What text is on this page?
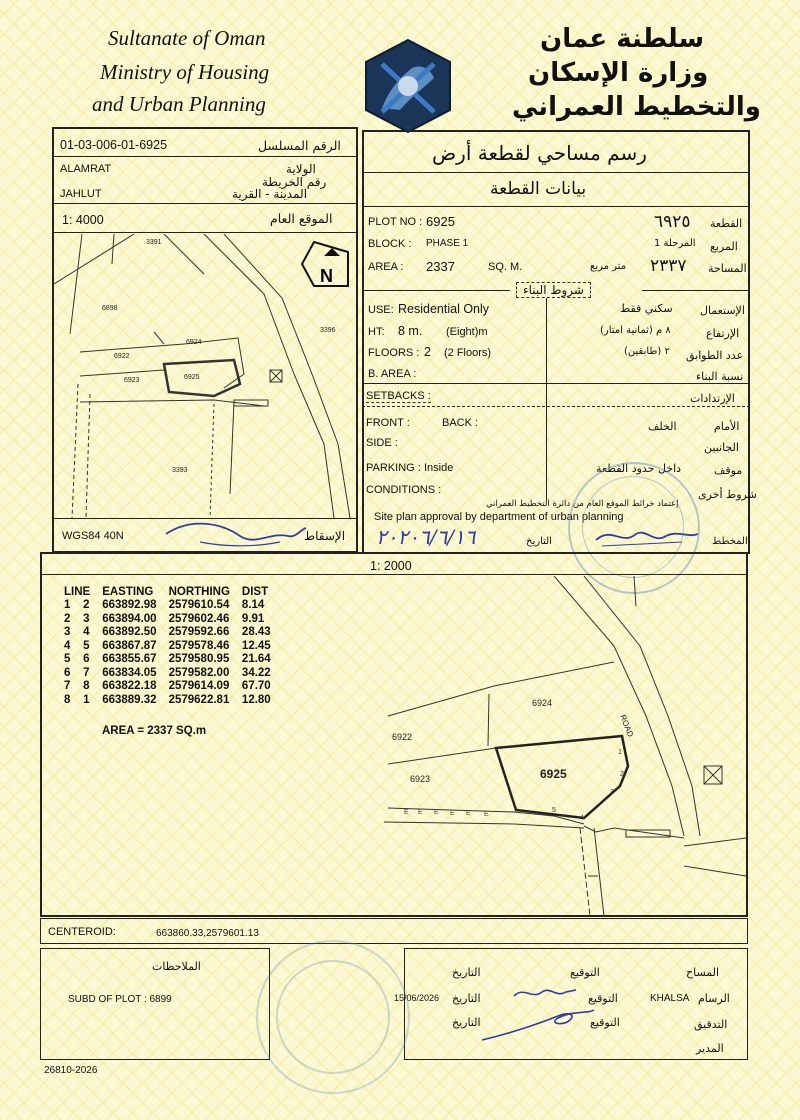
Sultanate of Oman
Ministry of Housing
and Urban Planning
سلطنة عمان
وزارة الإسكان
والتخطيط العمراني
01-03-006-01-6925	الرقم المسلسل
ALAMRAT	الولاية
رقم الخريطة
JAHLUT	المدينة - القرية
1: 4000	الموقع العام
3391
6898
3396
6924
6922
6923	6925
3393
N
WGS84 40N	الإسقاط
رسم مساحي لقطعة أرض
بيانات القطعة
PLOT NO : 6925	٦٩٢٥ القطعة
BLOCK : PHASE 1	المرحلة 1 المربع
AREA : 2337	SQ. M.	متر مربع ٢٣٣٧ المساحة
شروط البناء
USE: Residential Only	سكني فقط الإستعمال
HT: 8 m. (Eight)m	٨ م (ثمانية امتار)	الإرتفاع
FLOORS : 2 (2 Floors)	٢ (طابقين) عدد الطوابق
B. AREA :	نسبة البناء
SETBACKS :	الإرتدادات
FRONT :	BACK :	الخلف	الأمام
SIDE :	الجانبين
PARKING : Inside	داخل حدود القطعة	موقف
CONDITIONS :	شروط أخرى
إعتماد خرائط الموقع العام من دائرة التخطيط العمراني
Site plan approval by department of urban planning
٢٠٢٠٦/٦/١٦	التاريخ	المخطط
1: 2000
LINE		EASTING	NORTHING	DIST
1	2	663892.98	2579610.54	8.14
2	3	663894.00	2579602.46	9.91
3	4	663892.50	2579592.66	28.43
4	5	663867.87	2579578.46	12.45
5	6	663855.67	2579580.95	21.64
6	7	663834.05	2579582.00	34.22
7	8	663822.18	2579614.09	67.70
8	1	663889.32	2579622.81	12.80
AREA = 2337 SQ.m
1
2
3
5
4
E E E E E E
6924
6922
6923	6925
ROAD
CENTEROID:	663860.33,2579601.13
الملاحظات
SUBD OF PLOT : 6899
المساح
التوقيع
التاريخ
الرسام
KHALSA
التوقيع
التاريخ
15/06/2026
التدقيق
التوقيع
التاريخ
المدير
26810-2026
